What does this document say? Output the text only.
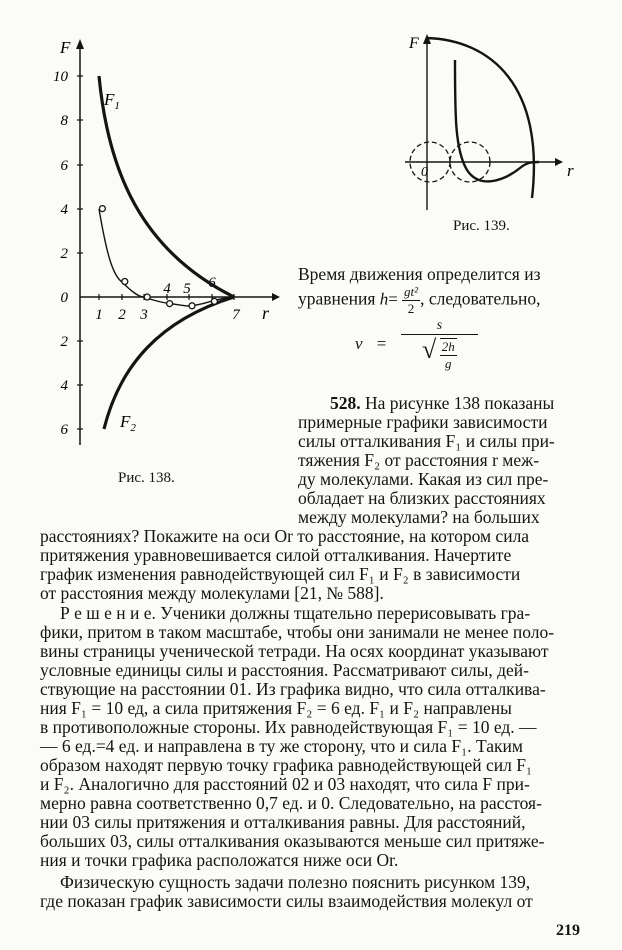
F
r
10
8
6
4
2
0
2
4
6
1 2 3
4 5 6
7
$F_1$
$F_2$
Рис. 138.
F
r
0
Рис. 139.
Время движения определится из
уравнения $h= \frac{\text{gt²}}{2}$ , следовательно,
$v = \frac{s}{√ \frac{2h}{g}}$
528. На рисунке 138 показаны
примерные графики зависимости
силы отталкивания F₁ и силы при-
тяжения F₂ от расстояния r меж-
ду молекулами. Какая из сил пре-
обладает на близких расстояниях
между молекулами? на больших
расстояниях? Покажите на оси Or то расстояние, на котором сила
притяжения уравновешивается силой отталкивания. Начертите
график изменения равнодействующей сил F₁ и F₂ в зависимости
от расстояния между молекулами [21, № 588].
Р е ш е н и е. Ученики должны тщательно перерисовывать гра-
фики, притом в таком масштабе, чтобы они занимали не менее поло-
вины страницы ученической тетради. На осях координат указывают
условные единицы силы и расстояния. Рассматривают силы, дей-
ствующие на расстоянии 01. Из графика видно, что сила отталкива-
ния F₁ = 10 ед, а сила притяжения F₂ = 6 ед. F₁ и F₂ направлены
в противоположные стороны. Их равнодействующая F₁ = 10 ед. —
— 6 ед.=4 ед. и направлена в ту же сторону, что и сила F₁. Таким
образом находят первую точку графика равнодействующей сил F₁
и F₂. Аналогично для расстояний 02 и 03 находят, что сила F при-
мерно равна соответственно 0,7 ед. и 0. Следовательно, на расстоя-
нии 03 силы притяжения и отталкивания равны. Для расстояний,
больших 03, силы отталкивания оказываются меньше сил притяже-
ния и точки графика расположатся ниже оси Or.
Физическую сущность задачи полезно пояснить рисунком 139,
где показан график зависимости силы взаимодействия молекул от
219
